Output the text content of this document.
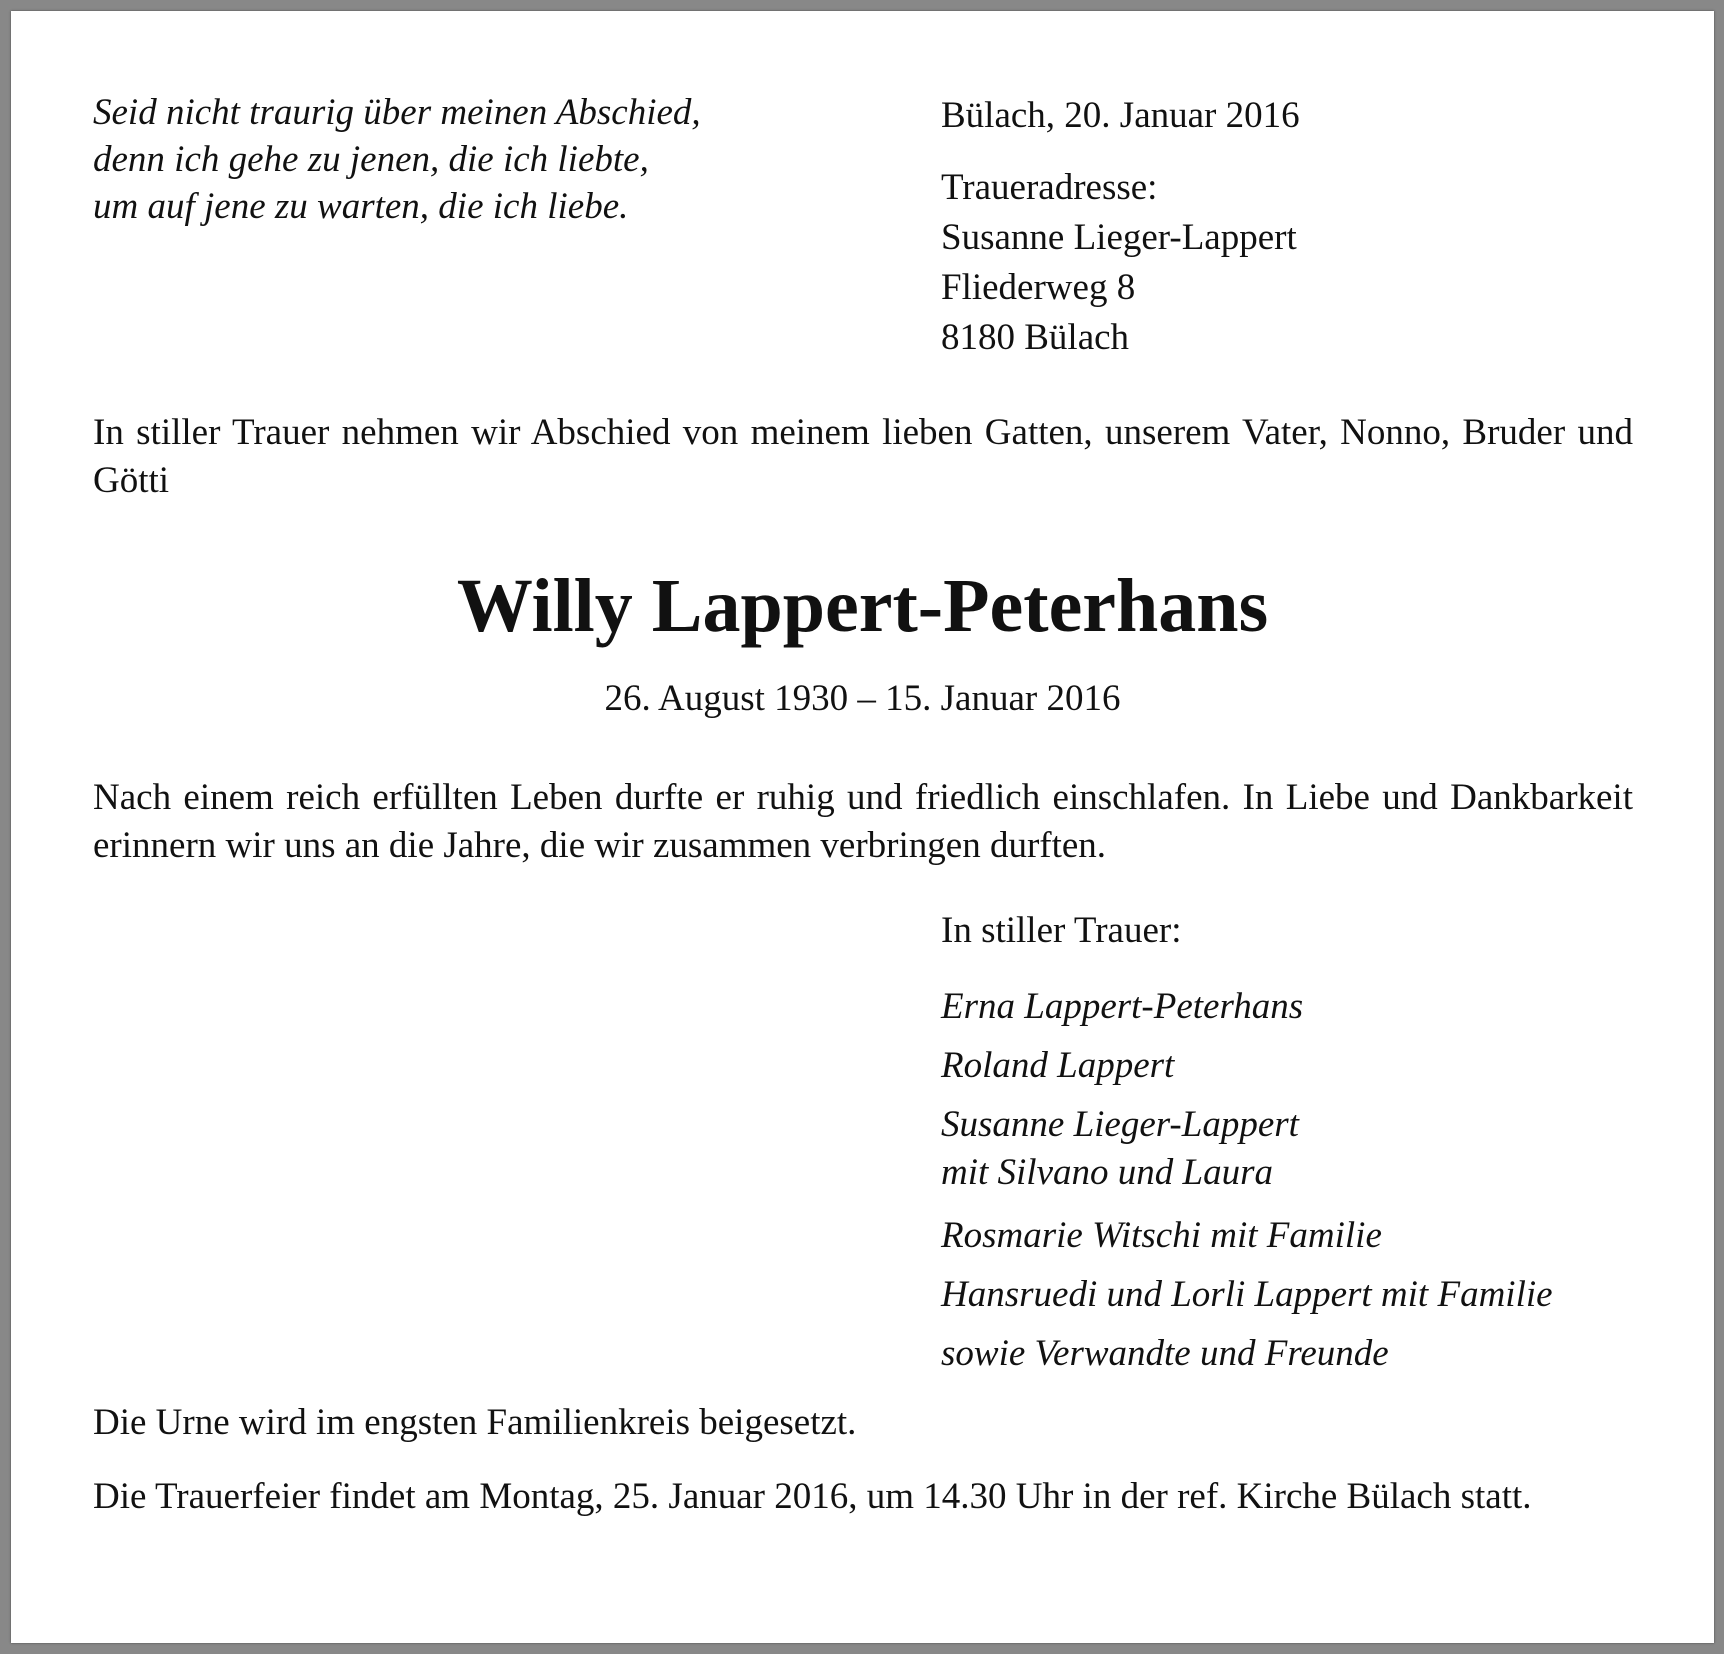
Seid nicht traurig über meinen Abschied,
denn ich gehe zu jenen, die ich liebte,
um auf jene zu warten, die ich liebe.
Bülach, 20. Januar 2016
Traueradresse:
Susanne Lieger-Lappert
Fliederweg 8
8180 Bülach

In stiller Trauer nehmen wir Abschied von meinem lieben Gatten, unserem Vater, Nonno, Bruder und Götti

Willy Lappert-Peterhans
26. August 1930 – 15. Januar 2016

Nach einem reich erfüllten Leben durfte er ruhig und friedlich einschlafen. In Liebe und Dankbarkeit erinnern wir uns an die Jahre, die wir zusammen verbringen durften.

In stiller Trauer:
Erna Lappert-Peterhans
Roland Lappert
Susanne Lieger-Lappert
mit Silvano und Laura
Rosmarie Witschi mit Familie
Hansruedi und Lorli Lappert mit Familie
sowie Verwandte und Freunde
Die Urne wird im engsten Familienkreis beigesetzt.

Die Trauerfeier findet am Montag, 25. Januar 2016, um 14.30 Uhr in der ref. Kirche Bülach statt.
